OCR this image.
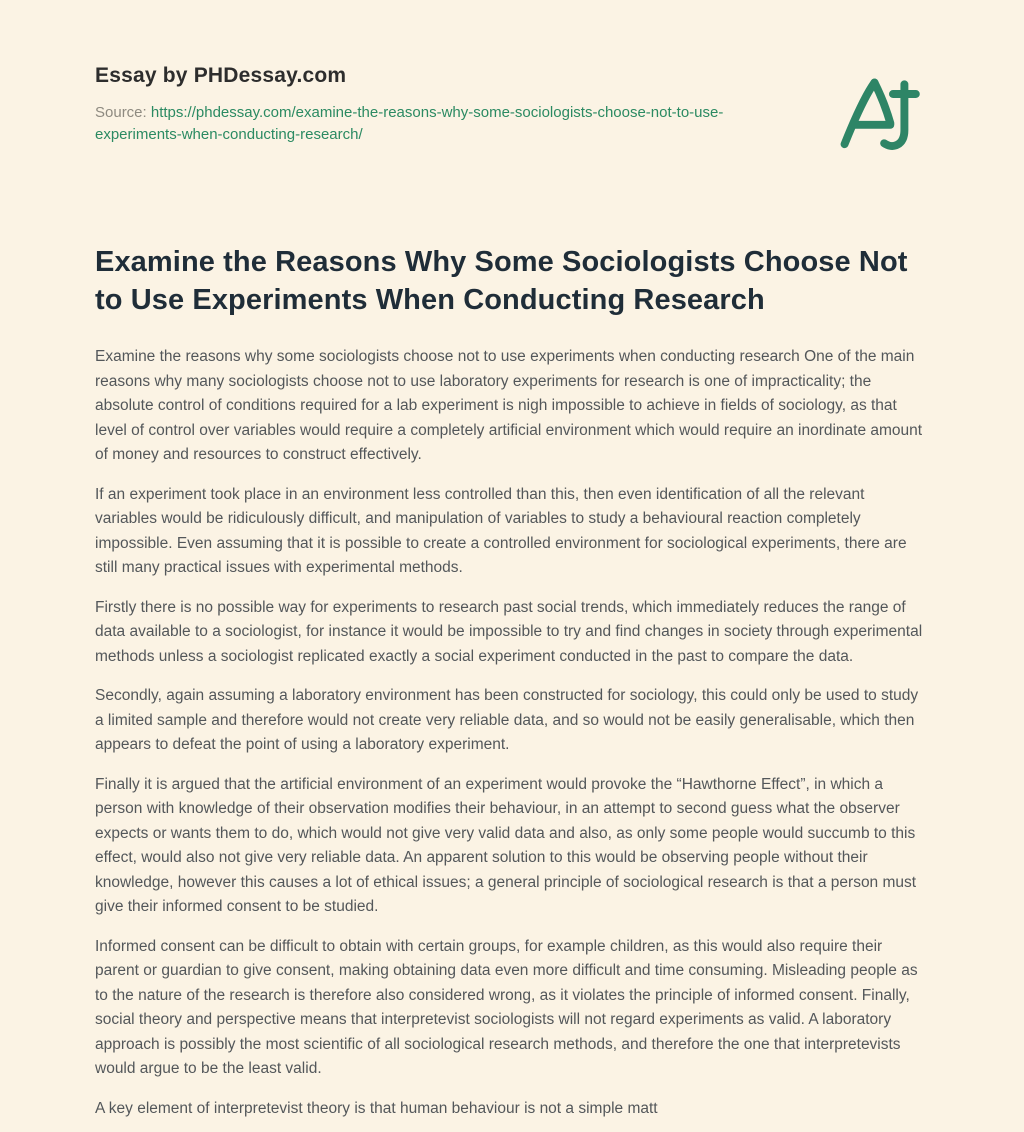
Essay by PHDessay.com
Source: https://phdessay.com/examine-the-reasons-why-some-sociologists-choose-not-to-use-experiments-when-conducting-research/
Examine the Reasons Why Some Sociologists Choose Not to Use Experiments When Conducting Research

Examine the reasons why some sociologists choose not to use experiments when conducting research One of the main reasons why many sociologists choose not to use laboratory experiments for research is one of impracticality; the absolute control of conditions required for a lab experiment is nigh impossible to achieve in fields of sociology, as that level of control over variables would require a completely artificial environment which would require an inordinate amount of money and resources to construct effectively.

If an experiment took place in an environment less controlled than this, then even identification of all the relevant variables would be ridiculously difficult, and manipulation of variables to study a behavioural reaction completely impossible. Even assuming that it is possible to create a controlled environment for sociological experiments, there are still many practical issues with experimental methods.

Firstly there is no possible way for experiments to research past social trends, which immediately reduces the range of data available to a sociologist, for instance it would be impossible to try and find changes in society through experimental methods unless a sociologist replicated exactly a social experiment conducted in the past to compare the data.

Secondly, again assuming a laboratory environment has been constructed for sociology, this could only be used to study a limited sample and therefore would not create very reliable data, and so would not be easily generalisable, which then appears to defeat the point of using a laboratory experiment.

Finally it is argued that the artificial environment of an experiment would provoke the “Hawthorne Effect”, in which a person with knowledge of their observation modifies their behaviour, in an attempt to second guess what the observer expects or wants them to do, which would not give very valid data and also, as only some people would succumb to this effect, would also not give very reliable data. An apparent solution to this would be observing people without their knowledge, however this causes a lot of ethical issues; a general principle of sociological research is that a person must give their informed consent to be studied.

Informed consent can be difficult to obtain with certain groups, for example children, as this would also require their parent or guardian to give consent, making obtaining data even more difficult and time consuming. Misleading people as to the nature of the research is therefore also considered wrong, as it violates the principle of informed consent. Finally, social theory and perspective means that interpretevist sociologists will not regard experiments as valid. A laboratory approach is possibly the most scientific of all sociological research methods, and therefore the one that interpretevists would argue to be the least valid.

A key element of interpretevist theory is that human behaviour is not a simple matt
